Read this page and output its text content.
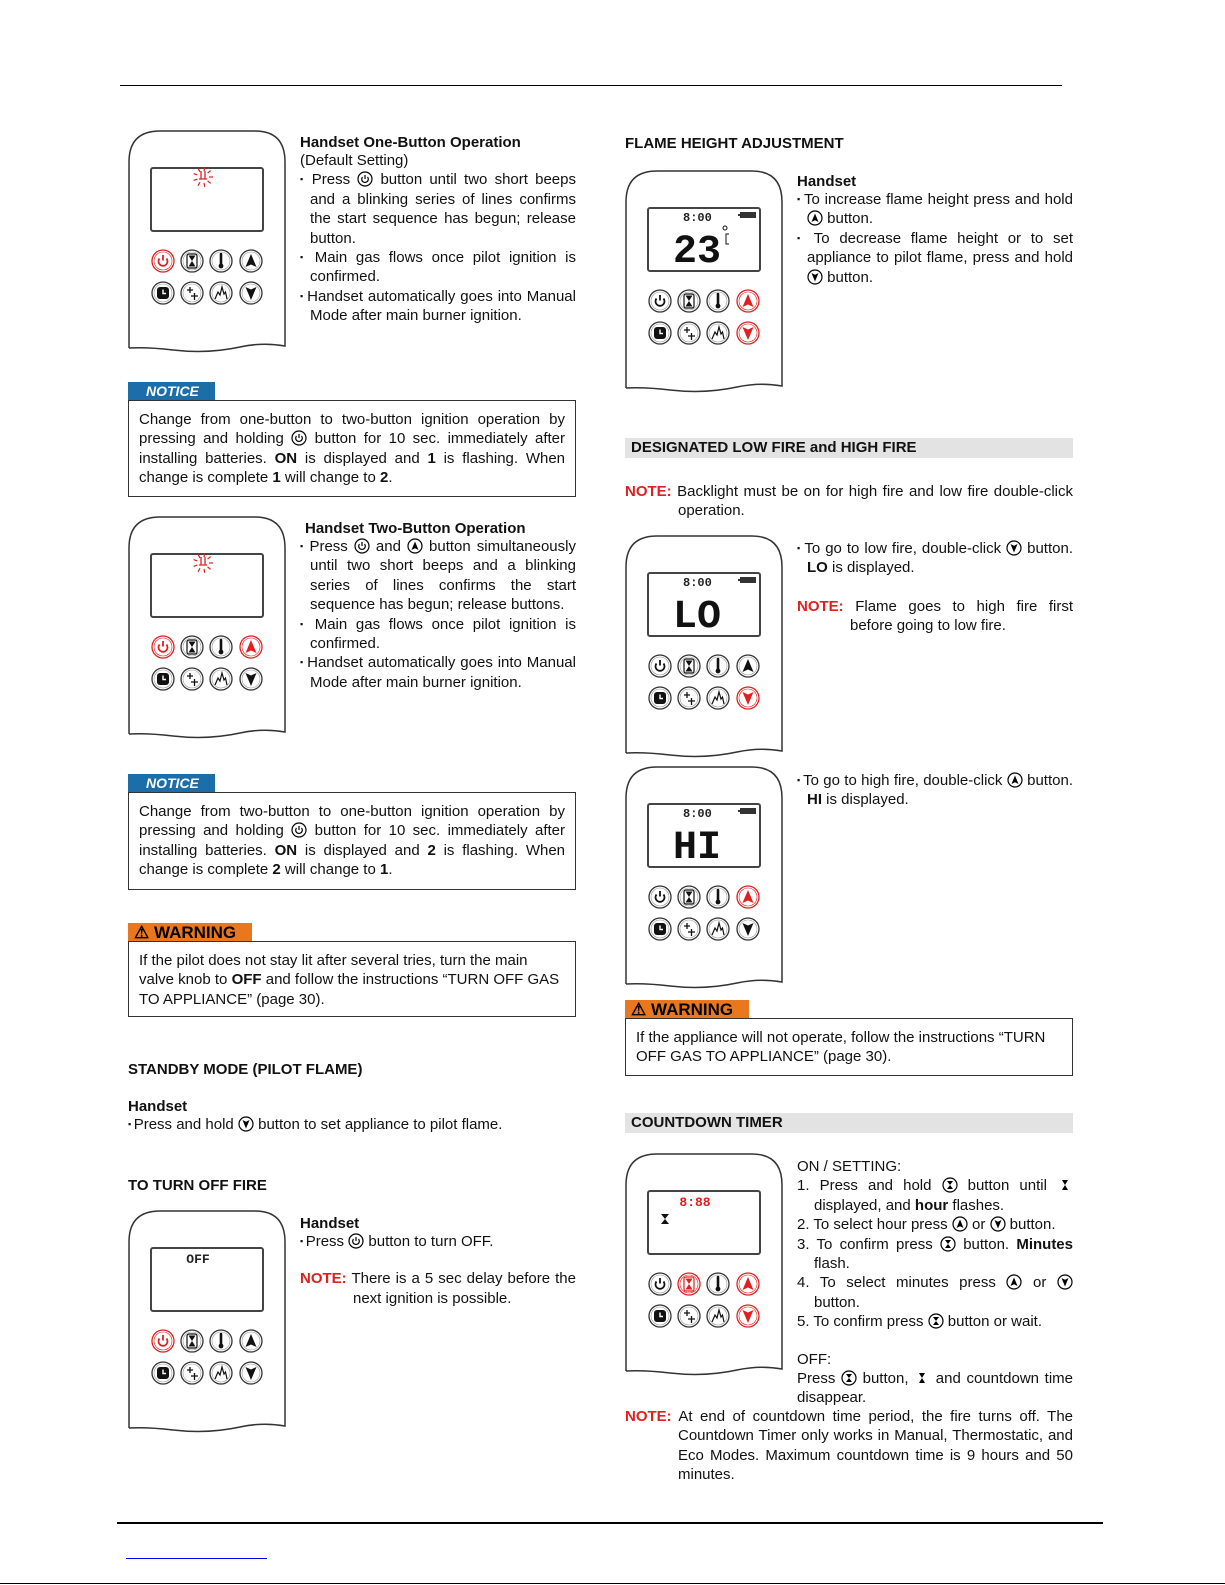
Handset One-Button Operation
(Default Setting)
▪ Press
button until two short beeps and a blinking series of lines confirms the start sequence has begun; release button.
▪ Main gas flows once pilot ignition is confirmed.
▪ Handset automatically goes into Manual Mode after main burner ignition.
NOTICE
Change from one-button to two-button ignition operation by pressing and holding
button for 10 sec. immediately after installing batteries. ON is displayed and 1 is flashing. When change is complete 1 will change to 2.
Handset Two-Button Operation
▪ Press
and
button simultaneously until two short beeps and a blinking series of lines confirms the start sequence has begun; release buttons.
▪ Main gas flows once pilot ignition is confirmed.
▪ Handset automatically goes into Manual Mode after main burner ignition.
NOTICE
Change from two-button to one-button ignition operation by pressing and holding
button for 10 sec. immediately after installing batteries. ON is displayed and 2 is flashing. When change is complete 2 will change to 1.
⚠ WARNING
If the pilot does not stay lit after several tries, turn the main valve knob to OFF and follow the instructions “TURN OFF GAS TO APPLIANCE” (page 30).
STANDBY MODE (PILOT FLAME)
Handset
▪ Press and hold
button to set appliance to pilot flame.
TO TURN OFF FIRE
OFF
Handset
▪ Press
button to turn OFF.
NOTE: There is a 5 sec delay before the next ignition is possible.
FLAME HEIGHT ADJUSTMENT
8:00
23
Handset
▪ To increase flame height press and hold
button.
▪ To decrease flame height or to set appliance to pilot flame, press and hold
button.
DESIGNATED LOW FIRE and HIGH FIRE
NOTE: Backlight must be on for high fire and low fire double-click operation.
8:00
LO
▪ To go to low fire, double-click
button. LO is displayed.
NOTE: Flame goes to high fire first before going to low fire.
8:00
HI
▪ To go to high fire, double-click
button. HI is displayed.
⚠ WARNING
If the appliance will not operate, follow the instructions “TURN OFF GAS TO APPLIANCE” (page 30).
COUNTDOWN TIMER
8:88
ON / SETTING:
1. Press and hold
button until
displayed, and hour flashes.
2. To select hour press
or
button.
3. To confirm press
button. Minutes flash.
4. To select minutes press
or
button.
5. To confirm press
button or wait.
OFF:
Press
button,
and countdown time disappear.
NOTE: At end of countdown time period, the fire turns off. The Countdown Timer only works in Manual, Thermostatic, and Eco Modes. Maximum countdown time is 9 hours and 50 minutes.
